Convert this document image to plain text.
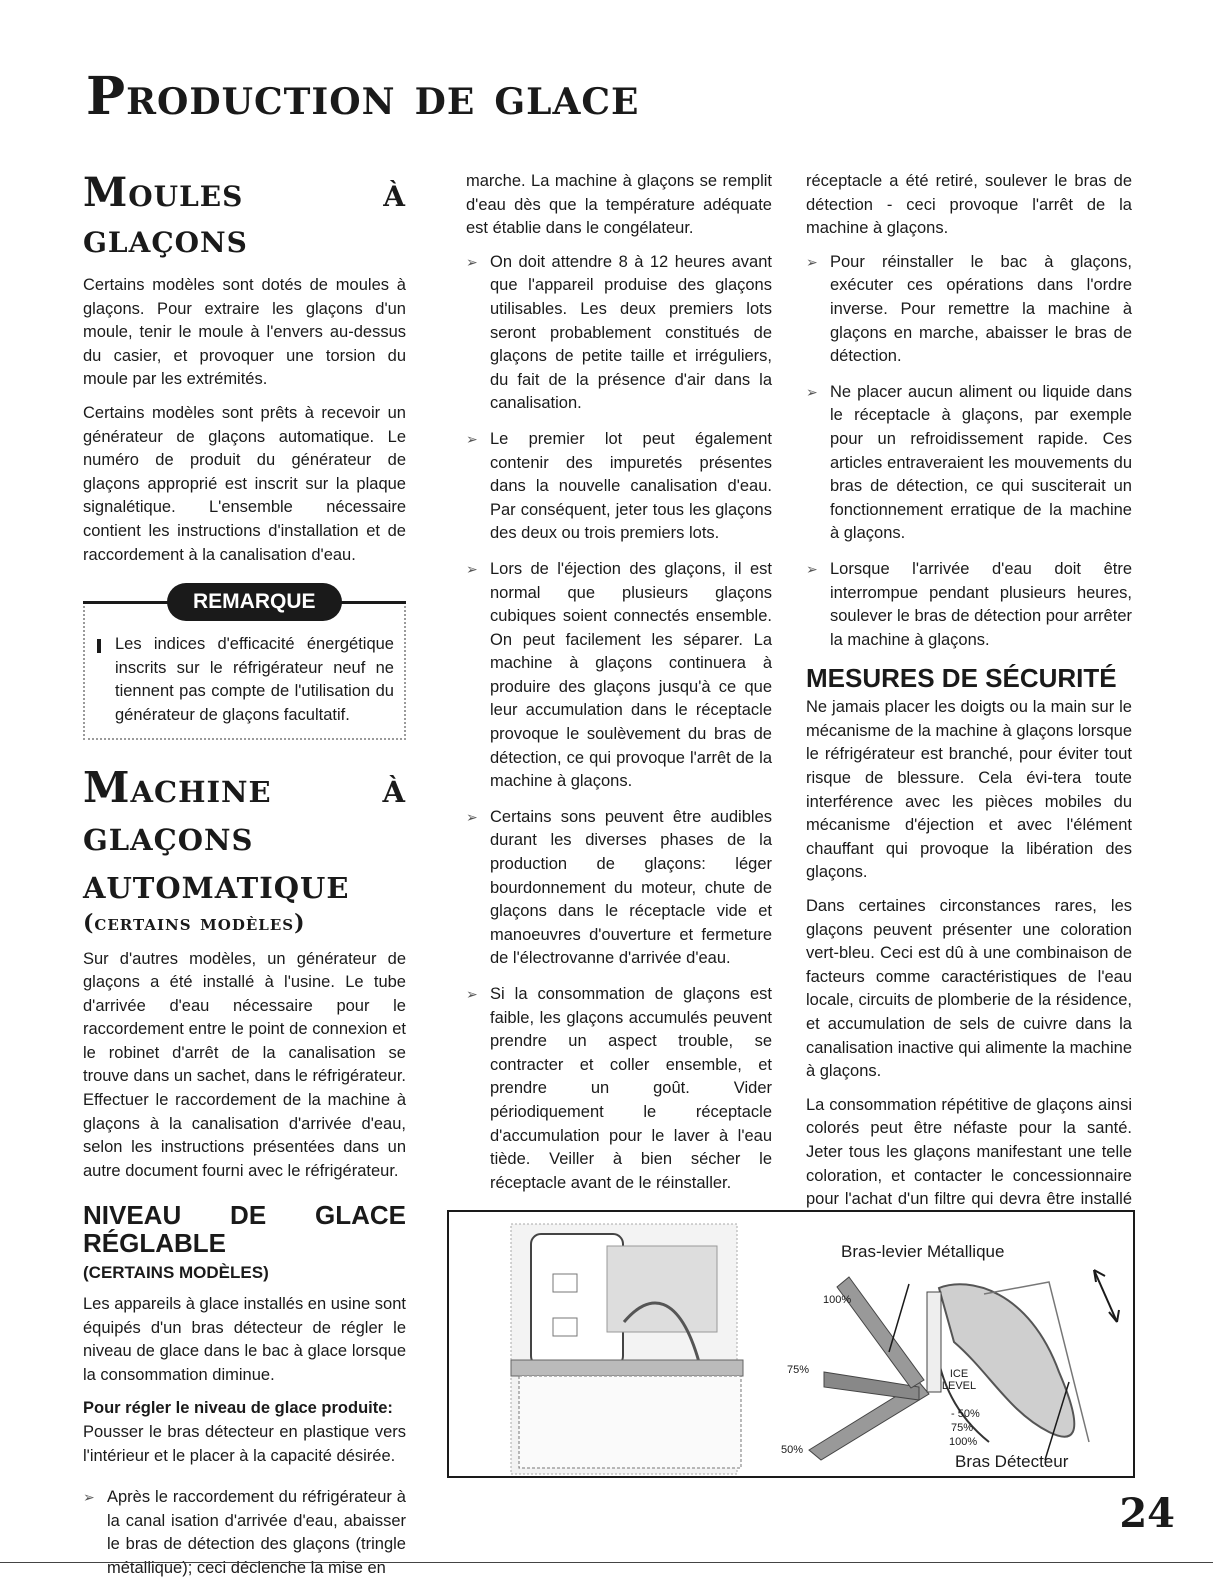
Production de glace
Moules à glaçons

Certains modèles sont dotés de moules à glaçons. Pour extraire les glaçons d'un moule, tenir le moule à l'envers au-dessus du casier, et provoquer une torsion du moule par les extrémités.

Certains modèles sont prêts à recevoir un générateur de glaçons automatique. Le numéro de produit du générateur de glaçons approprié est inscrit sur la plaque signalétique. L'ensemble nécessaire contient les instructions d'installation et de raccordement à la canalisation d'eau.

REMARQUE
Les indices d'efficacité énergétique inscrits sur le réfrigérateur neuf ne tiennent pas compte de l'utilisation du générateur de glaçons facultatif.
Machine à glaçons automatique
(certains modèles)

Sur d'autres modèles, un générateur de glaçons a été installé à l'usine. Le tube d'arrivée d'eau nécessaire pour le raccordement entre le point de connexion et le robinet d'arrêt de la canalisation se trouve dans un sachet, dans le réfrigérateur. Effectuer le raccordement de la machine à glaçons à la canalisation d'arrivée d'eau, selon les instructions présentées dans un autre document fourni avec le réfrigérateur.

NIVEAU DE GLACE RÉGLABLE
(CERTAINS MODÈLES)

Les appareils à glace installés en usine sont équipés d'un bras détecteur de régler le niveau de glace dans le bac à glace lorsque la consommation diminue.

Pour régler le niveau de glace produite:

Pousser le bras détecteur en plastique vers l'intérieur et le placer à la capacité désirée.

➢ Après le raccordement du réfrigérateur à la canal isation d'arrivée d'eau, abaisser le bras de détection des glaçons (tringle métallique); ceci déclenche la mise en

marche. La machine à glaçons se remplit d'eau dès que la température adéquate est établie dans le congélateur.

➢ On doit attendre 8 à 12 heures avant que l'appareil produise des glaçons utilisables. Les deux premiers lots seront probablement constitués de glaçons de petite taille et irréguliers, du fait de la présence d'air dans la canalisation.
➢ Le premier lot peut également contenir des impuretés présentes dans la nouvelle canalisation d'eau. Par conséquent, jeter tous les glaçons des deux ou trois premiers lots.
➢ Lors de l'éjection des glaçons, il est normal que plusieurs glaçons cubiques soient connectés ensemble. On peut facilement les séparer. La machine à glaçons continuera à produire des glaçons jusqu'à ce que leur accumulation dans le réceptacle provoque le soulèvement du bras de détection, ce qui provoque l'arrêt de la machine à glaçons.
➢ Certains sons peuvent être audibles durant les diverses phases de la production de glaçons: léger bourdonnement du moteur, chute de glaçons dans le réceptacle vide et manoeuvres d'ouverture et fermeture de l'électrovanne d'arrivée d'eau.
➢ Si la consommation de glaçons est faible, les glaçons accumulés peuvent prendre un aspect trouble, se contracter et coller ensemble, et prendre un goût. Vider périodiquement le réceptacle d'accumulation pour le laver à l'eau tiède. Veiller à bien sécher le réceptacle avant de le réinstaller.
➢

réceptacle a été retiré, soulever le bras de détection - ceci provoque l'arrêt de la machine à glaçons.

➢ Pour réinstaller le bac à glaçons, exécuter ces opérations dans l'ordre inverse. Pour remettre la machine à glaçons en marche, abaisser le bras de détection.
➢ Ne placer aucun aliment ou liquide dans le réceptacle à glaçons, par exemple pour un refroidissement rapide. Ces articles entraveraient les mouvements du bras de détection, ce qui susciterait un fonctionnement erratique de la machine à glaçons.
➢ Lorsque l'arrivée d'eau doit être interrompue pendant plusieurs heures, soulever le bras de détection pour arrêter la machine à glaçons.
MESURES DE SÉCURITÉ

Ne jamais placer les doigts ou la main sur le mécanisme de la machine à glaçons lorsque le réfrigérateur est branché, pour éviter tout risque de blessure. Cela évi-tera toute interférence avec les pièces mobiles du mécanisme d'éjection et avec l'élément chauffant qui provoque la libération des glaçons.

Dans certaines circonstances rares, les glaçons peuvent présenter une coloration vert-bleu. Ceci est dû à une combinaison de facteurs comme caractéristiques de l'eau locale, circuits de plomberie de la résidence, et accumulation de sels de cuivre dans la canalisation inactive qui alimente la machine à glaçons.

La consommation répétitive de glaçons ainsi colorés peut être néfaste pour la santé. Jeter tous les glaçons manifestant une telle coloration, et contacter le concessionnaire pour l'achat d'un filtre qui devra être installé

Bras-levier Métallique
Bras Détecteur
100%
75%
50%
ICE LEVEL
- 50%
75%
100%
24
